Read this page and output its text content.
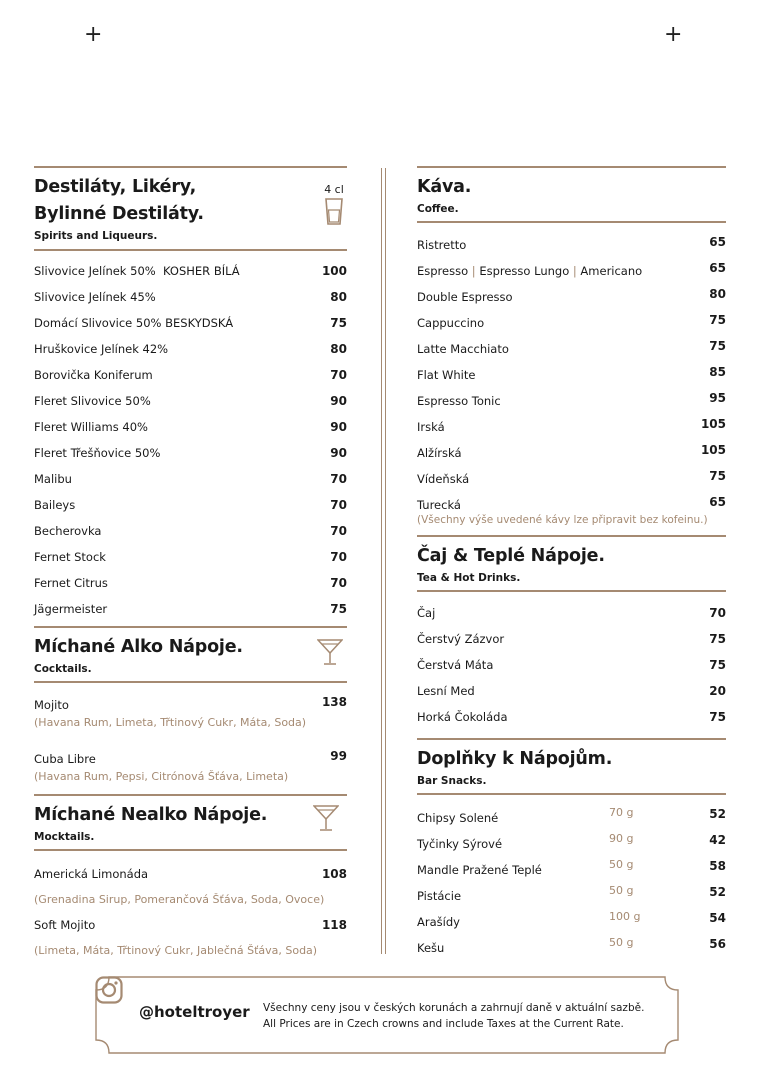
+	+
Destiláty, Likéry,
Bylinné Destiláty.
Spirits and Liqueurs.
4 cl
Slivovice Jelínek 50%  KOSHER BÍLÁ	100
Slivovice Jelínek 45%	80
Domácí Slivovice 50% BESKYDSKÁ	75
Hruškovice Jelínek 42%	80
Borovička Koniferum	70
Fleret Slivovice 50%	90
Fleret Williams 40%	90
Fleret Třešňovice 50%	90
Malibu	70
Baileys	70
Becherovka	70
Fernet Stock	70
Fernet Citrus	70
Jägermeister	75
Míchané Alko Nápoje.
Cocktails.
Mojito	138
(Havana Rum, Limeta, Třtinový Cukr, Máta, Soda)
Cuba Libre	99
(Havana Rum, Pepsi, Citrónová Šťáva, Limeta)
Míchané Nealko Nápoje.
Mocktails.
Americká Limonáda	108
(Grenadina Sirup, Pomerančová Šťáva, Soda, Ovoce)
Soft Mojito	118
(Limeta, Máta, Třtinový Cukr, Jablečná Šťáva, Soda)
Káva.
Coffee.
Ristretto	65
Espresso | Espresso Lungo | Americano	65
Double Espresso	80
Cappuccino	75
Latte Macchiato	75
Flat White	85
Espresso Tonic	95
Irská	105
Alžírská	105
Vídeňská	75
Turecká	65
(Všechny výše uvedené kávy lze připravit bez kofeinu.)
Čaj & Teplé Nápoje.
Tea & Hot Drinks.
Čaj	70
Čerstvý Zázvor	75
Čerstvá Máta	75
Lesní Med	20
Horká Čokoláda	75
Doplňky k Nápojům.
Bar Snacks.
Chipsy Solené	70 g	52
Tyčinky Sýrové	90 g	42
Mandle Pražené Teplé	50 g	58
Pistácie	50 g	52
Arašídy	100 g	54
Kešu	50 g	56
@hoteltroyer Všechny ceny jsou v českých korunách a zahrnují daně v aktuální sazbě.
All Prices are in Czech crowns and include Taxes at the Current Rate.
